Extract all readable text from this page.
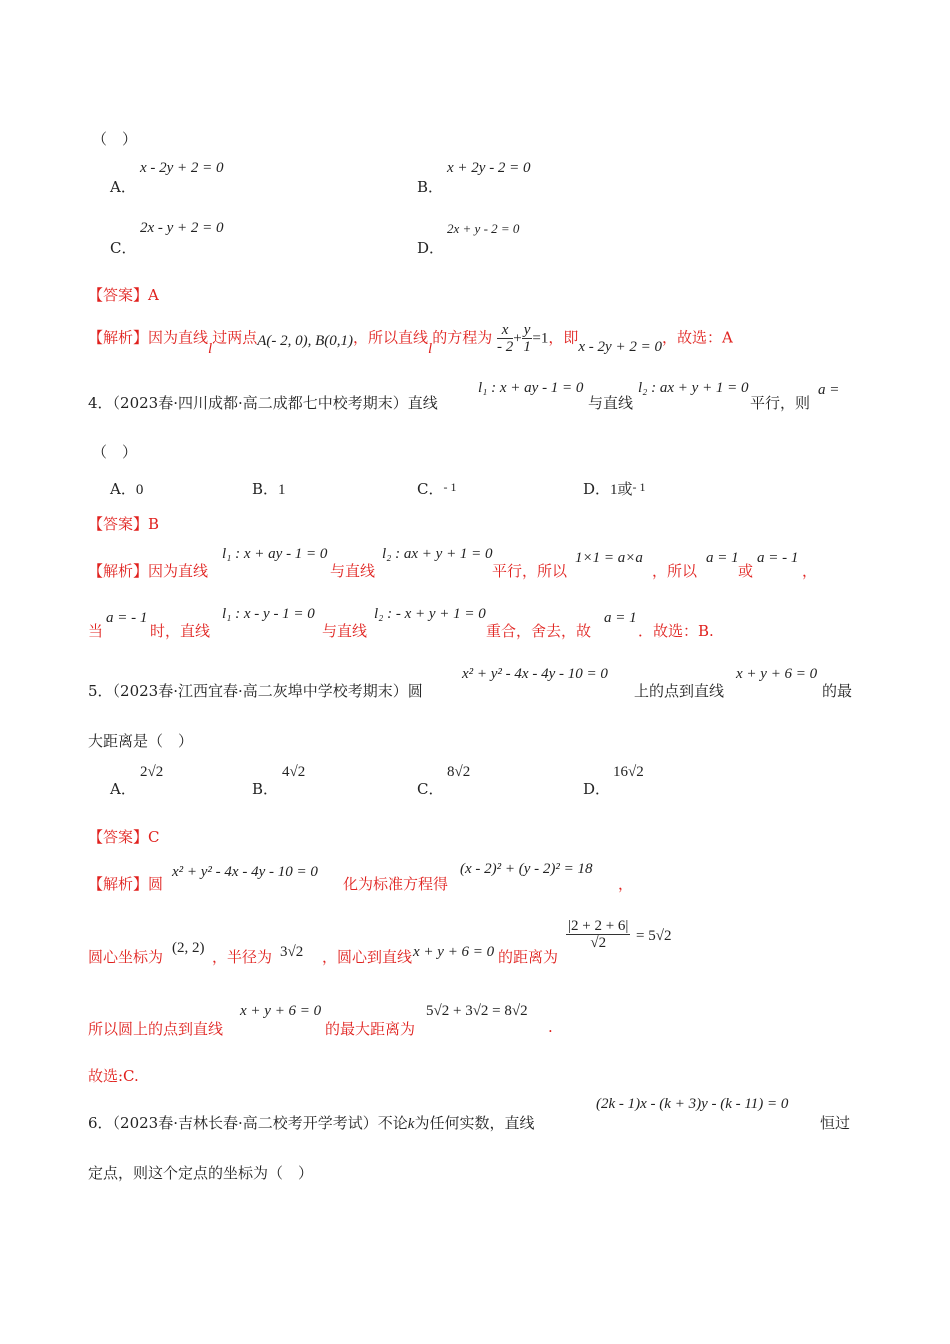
（　）
A．
x - 2y + 2 = 0
B．
x + 2y - 2 = 0
C．
2x - y + 2 = 0
D．
2x + y - 2 = 0
【答案】A
【解析】因为直线l过两点A(- 2, 0), B(0,1)，所以直线l的方程为 $\frac{x}{- 2} + \frac{y}{1} =1$，即x - 2y + 2 = 0，故选：A
4．（2023春·四川成都·高二成都七中校考期末）直线
l₁ : x + ay - 1 = 0
与直线
l₂ : ax + y + 1 = 0
平行，则
a =
（　）
A．0	B．1	C．$^{- 1}$	D．1或$^{- 1}$
【答案】B
【解析】因为直线
l₁ : x + ay - 1 = 0
与直线
l₂ : ax + y + 1 = 0
平行，所以
1×1 = a×a
，所以
a = 1
或
a = - 1
，
当
a = - 1
时，直线
l₁ : x - y - 1 = 0
与直线
l₂ : - x + y + 1 = 0
重合，舍去，故
a = 1
．故选：B.
5．（2023春·江西宜春·高二灰埠中学校考期末）圆
x² + y² - 4x - 4y - 10 = 0
上的点到直线
x + y + 6 = 0
的最
大距离是（　）
A．
2√2
B．
4√2
C．
8√2
D．
16√2
【答案】C
【解析】圆
x² + y² - 4x - 4y - 10 = 0
化为标准方程得
(x - 2)² + (y - 2)² = 18
，
圆心坐标为 (2, 2) ，半径为 3√2 ，圆心到直线 x + y + 6 = 0 的距离为
$\frac{|2 + 2 + 6|}{√2} = 5√2$
所以圆上的点到直线
x + y + 6 = 0
的最大距离为
5√2 + 3√2 = 8√2
.
故选:C.
6．（2023春·吉林长春·高二校考开学考试）不论k为任何实数，直线
(2k - 1)x - (k + 3)y - (k - 11) = 0
恒过
定点，则这个定点的坐标为（　）
